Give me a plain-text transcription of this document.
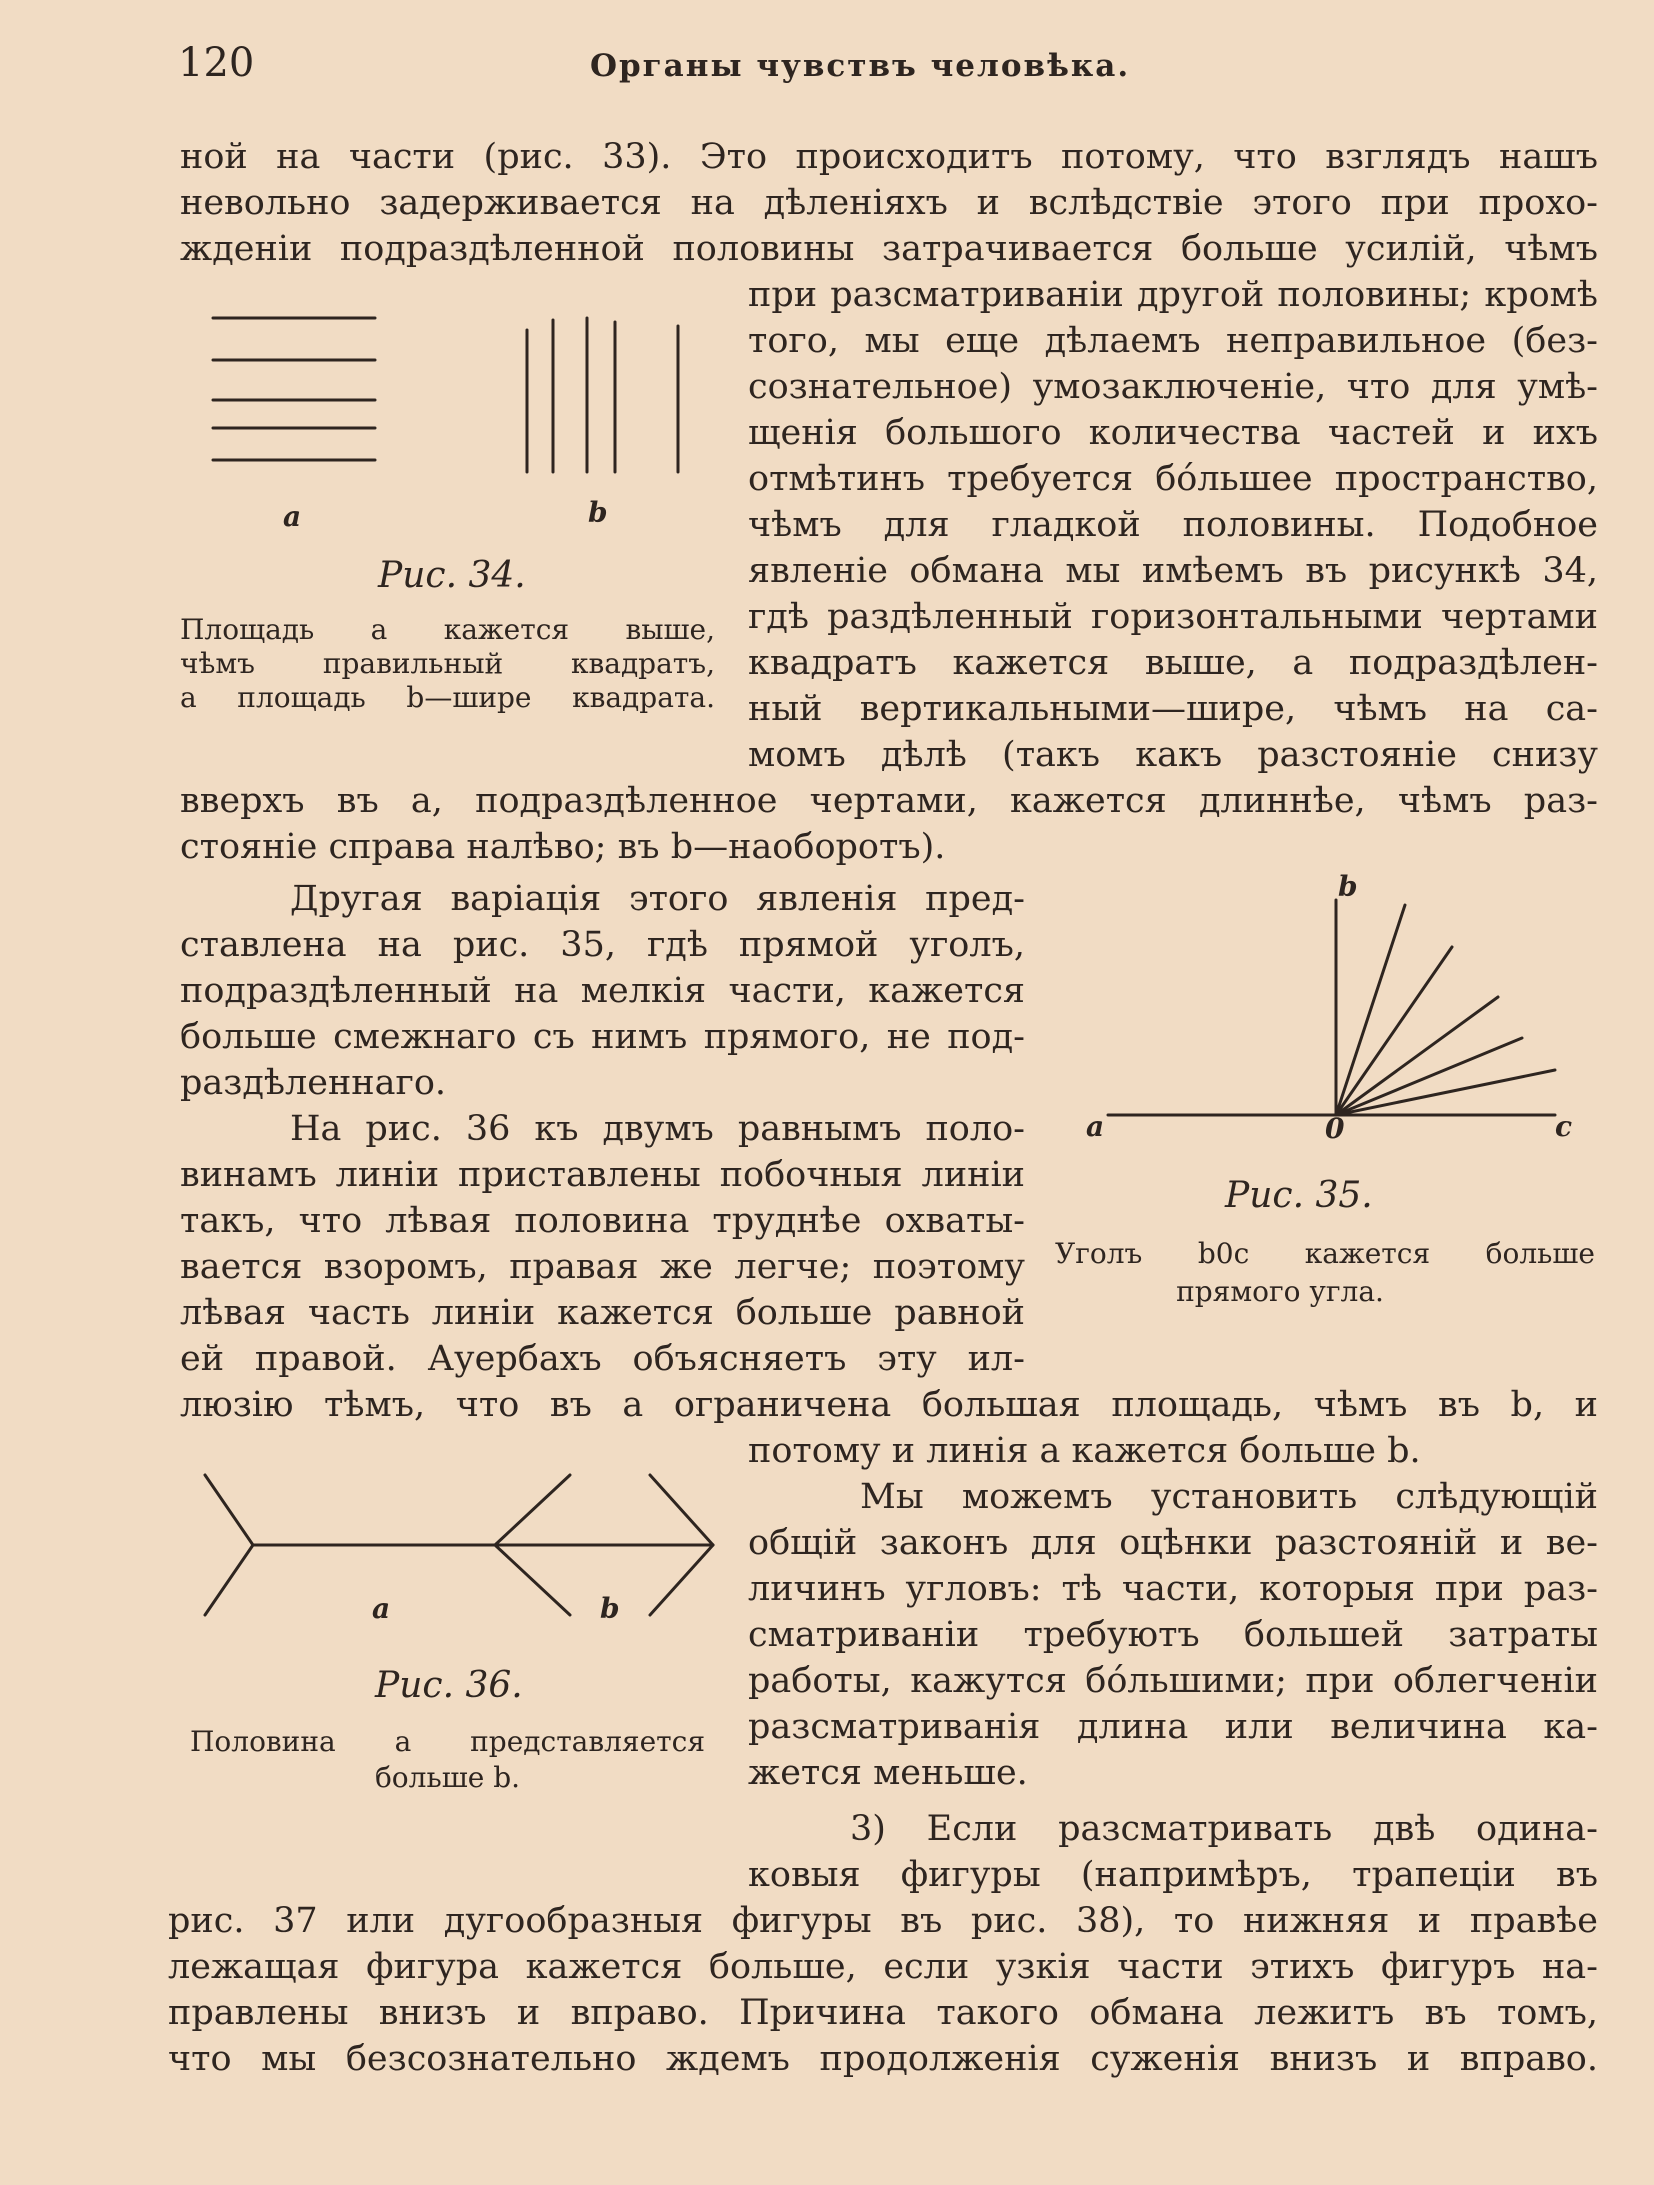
120	Органы чувствъ человѣка.
ной на части (рис. 33). Это происходитъ потому, что взглядъ нашъ
невольно задерживается на дѣленіяхъ и вслѣдствіе этого при прохо-
жденіи подраздѣленной половины затрачивается больше усилій, чѣмъ
при разсматриваніи другой половины; кромѣ
того, мы еще дѣлаемъ неправильное (без-
сознательное) умозаключеніе, что для умѣ-
щенія большого количества частей и ихъ
отмѣтинъ требуется бо́льшее пространство,
чѣмъ для гладкой половины. Подобное
явленіе обмана мы имѣемъ въ рисункѣ 34,
гдѣ раздѣленный горизонтальными чертами
квадратъ кажется выше, а подраздѣлен-
ный вертикальными—шире, чѣмъ на са-
момъ дѣлѣ (такъ какъ разстояніе снизу
вверхъ въ a, подраздѣленное чертами, кажется длиннѣе, чѣмъ раз-
стояніе справа налѣво; въ b—наоборотъ).
a	b
Рис. 34.
Площадь a кажется выше,
чѣмъ правильный квадратъ,
а площадь b—шире квадрата.
Другая варіація этого явленія пред-
ставлена на рис. 35, гдѣ прямой уголъ,
подраздѣленный на мелкія части, кажется
больше смежнаго съ нимъ прямого, не под-
раздѣленнаго.
b
a	0	c
Рис. 35.
Уголъ b0c кажется больше
прямого угла.
На рис. 36 къ двумъ равнымъ поло-
винамъ линіи приставлены побочныя линіи
такъ, что лѣвая половина труднѣе охваты-
вается взоромъ, правая же легче; поэтому
лѣвая часть линіи кажется больше равной
ей правой. Ауербахъ объясняетъ эту ил-
люзію тѣмъ, что въ a ограничена большая площадь, чѣмъ въ b, и
потому и линія a кажется больше b.
a	b
Рис. 36.
Половина a представляется
больше b.
Мы можемъ установить слѣдующій
общій законъ для оцѣнки разстояній и ве-
личинъ угловъ: тѣ части, которыя при раз-
сматриваніи требуютъ большей затраты
работы, кажутся бо́льшими; при облегченіи
разсматриванія длина или величина ка-
жется меньше.
3) Если разсматривать двѣ одина-
ковыя фигуры (напримѣръ, трапеціи въ
рис. 37 или дугообразныя фигуры въ рис. 38), то нижняя и правѣе
лежащая фигура кажется больше, если узкія части этихъ фигуръ на-
правлены внизъ и вправо. Причина такого обмана лежитъ въ томъ,
что мы безсознательно ждемъ продолженія суженія внизъ и вправо.
